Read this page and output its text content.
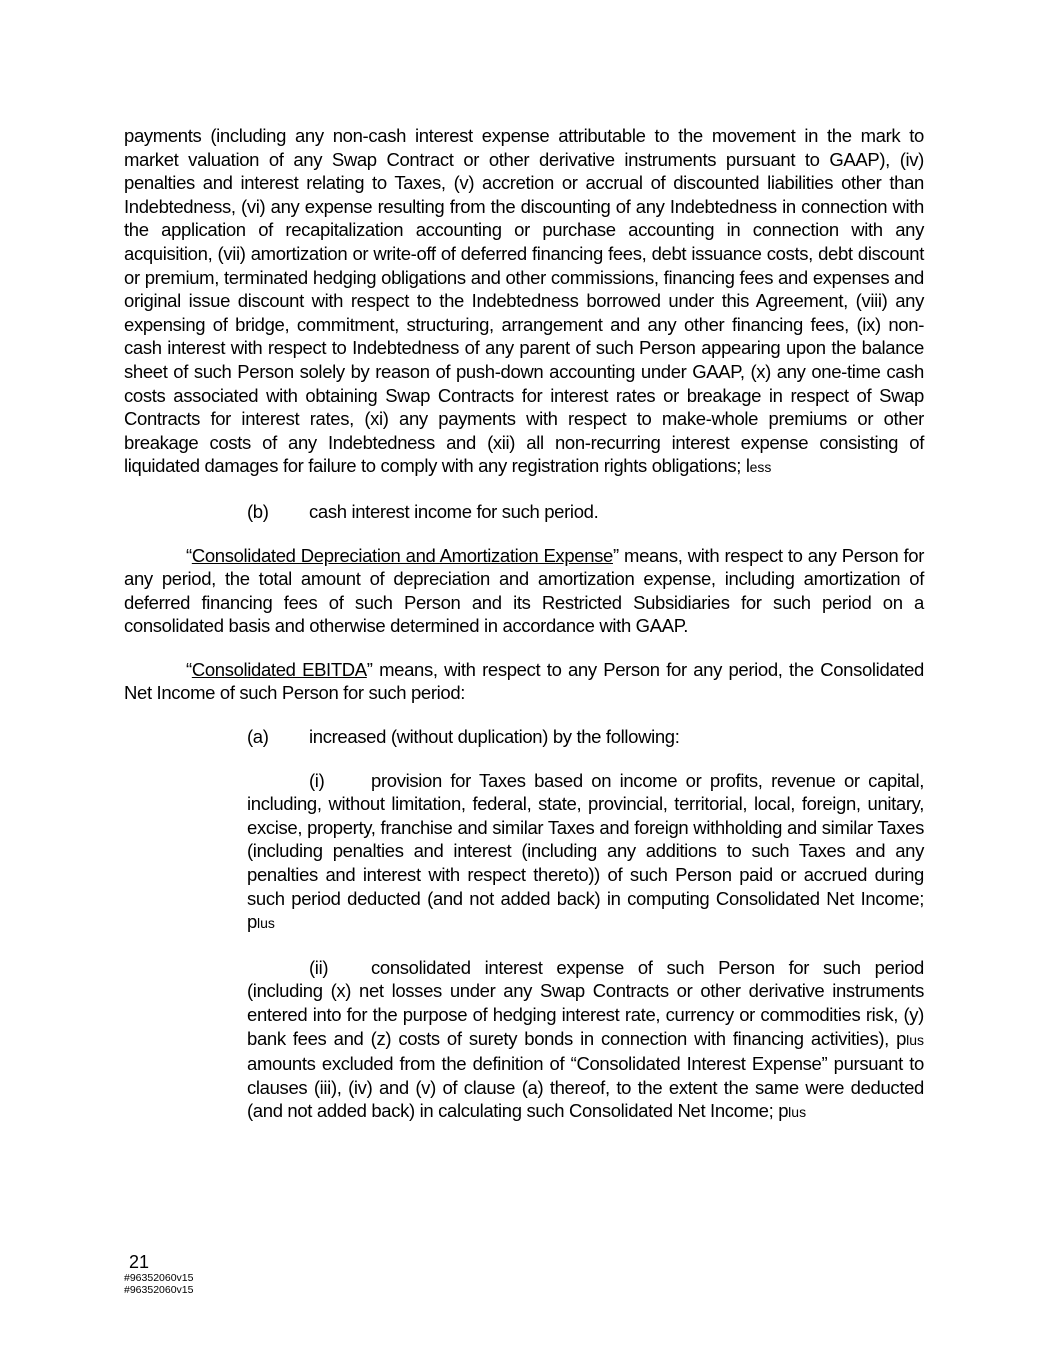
payments (including any non-cash interest expense attributable to the movement in the mark to market valuation of any Swap Contract or other derivative instruments pursuant to GAAP), (iv) penalties and interest relating to Taxes, (v) accretion or accrual of discounted liabilities other than Indebtedness, (vi) any expense resulting from the discounting of any Indebtedness in connection with the application of recapitalization accounting or purchase accounting in connection with any acquisition, (vii) amortization or write-off of deferred financing fees, debt issuance costs, debt discount or premium, terminated hedging obligations and other commissions, financing fees and expenses and original issue discount with respect to the Indebtedness borrowed under this Agreement, (viii) any expensing of bridge, commitment, structuring, arrangement and any other financing fees, (ix) non-cash interest with respect to Indebtedness of any parent of such Person appearing upon the balance sheet of such Person solely by reason of push-down accounting under GAAP, (x) any one-time cash costs associated with obtaining Swap Contracts for interest rates or breakage in respect of Swap Contracts for interest rates, (xi) any payments with respect to make-whole premiums or other breakage costs of any Indebtedness and (xii) all non-recurring interest expense consisting of liquidated damages for failure to comply with any registration rights obligations; less

(b) cash interest income for such period.

“Consolidated Depreciation and Amortization Expense” means, with respect to any Person for any period, the total amount of depreciation and amortization expense, including amortization of deferred financing fees of such Person and its Restricted Subsidiaries for such period on a consolidated basis and otherwise determined in accordance with GAAP.

“Consolidated EBITDA” means, with respect to any Person for any period, the Consolidated Net Income of such Person for such period:

(a) increased (without duplication) by the following:

(i)	provision for Taxes based on income or profits, revenue or capital, including, without limitation, federal, state, provincial, territorial, local, foreign, unitary, excise, property, franchise and similar Taxes and foreign withholding and similar Taxes (including penalties and interest (including any additions to such Taxes and any penalties and interest with respect thereto)) of such Person paid or accrued during such period deducted (and not added back) in computing Consolidated Net Income; plus

(ii) consolidated interest expense of such Person for such period (including (x) net losses under any Swap Contracts or other derivative instruments entered into for the purpose of hedging interest rate, currency or commodities risk, (y) bank fees and (z) costs of surety bonds in connection with financing activities), plus amounts excluded from the definition of “Consolidated Interest Expense” pursuant to clauses (iii), (iv) and (v) of clause (a) thereof, to the extent the same were deducted (and not added back) in calculating such Consolidated Net Income; plus

21
#96352060v15
#96352060v15
